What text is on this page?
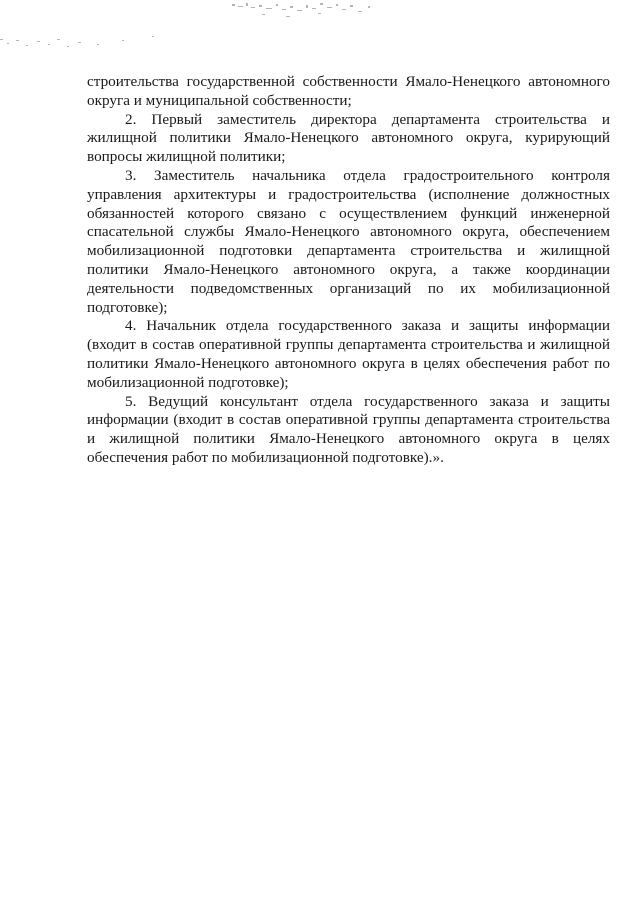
строительства государственной собственности Ямало-Ненецкого автономного округа и муниципальной собственности;

2. Первый заместитель директора департамента строительства и жилищной политики Ямало-Ненецкого автономного округа, курирующий вопросы жилищной политики;

3. Заместитель начальника отдела градостроительного контроля управления архитектуры и градостроительства (исполнение должностных обязанностей которого связано с осуществлением функций инженерной спасательной службы Ямало-Ненецкого автономного округа, обеспечением мобилизационной подготовки департамента строительства и жилищной политики Ямало-Ненецкого автономного округа, а также координации деятельности подведомственных организаций по их мобилизационной подготовке);

4. Начальник отдела государственного заказа и защиты информации (входит в состав оперативной группы департамента строительства и жилищной политики Ямало-Ненецкого автономного округа в целях обеспечения работ по мобилизационной подготовке);

5. Ведущий консультант отдела государственного заказа и защиты информации (входит в состав оперативной группы департамента строительства и жилищной политики Ямало-Ненецкого автономного округа в целях обеспечения работ по мобилизационной подготовке).».
